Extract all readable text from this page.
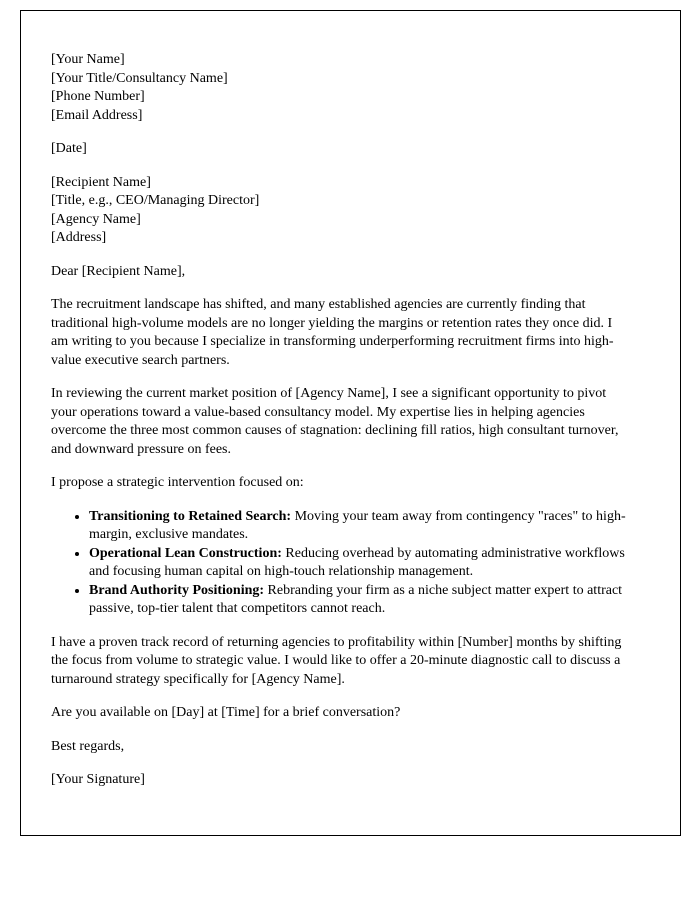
[Your Name]
[Your Title/Consultancy Name]
[Phone Number]
[Email Address]
[Date]
[Recipient Name]
[Title, e.g., CEO/Managing Director]
[Agency Name]
[Address]

Dear [Recipient Name],

The recruitment landscape has shifted, and many established agencies are currently finding that traditional high-volume models are no longer yielding the margins or retention rates they once did. I am writing to you because I specialize in transforming underperforming recruitment firms into high-value executive search partners.

In reviewing the current market position of [Agency Name], I see a significant opportunity to pivot your operations toward a value-based consultancy model. My expertise lies in helping agencies overcome the three most common causes of stagnation: declining fill ratios, high consultant turnover, and downward pressure on fees.

I propose a strategic intervention focused on:

• Transitioning to Retained Search: Moving your team away from contingency "races" to high-margin, exclusive mandates.
• Operational Lean Construction: Reducing overhead by automating administrative workflows and focusing human capital on high-touch relationship management.
• Brand Authority Positioning: Rebranding your firm as a niche subject matter expert to attract passive, top-tier talent that competitors cannot reach.

I have a proven track record of returning agencies to profitability within [Number] months by shifting the focus from volume to strategic value. I would like to offer a 20-minute diagnostic call to discuss a turnaround strategy specifically for [Agency Name].

Are you available on [Day] at [Time] for a brief conversation?

Best regards,

[Your Signature]
